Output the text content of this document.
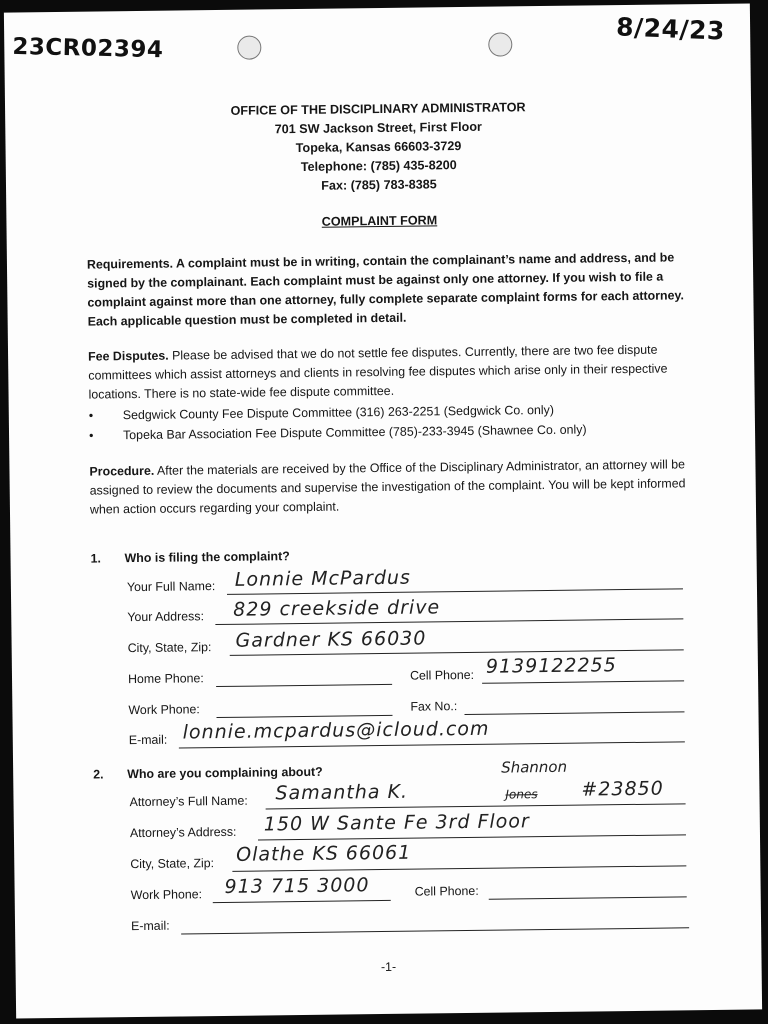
23CR02394
8/24/23
OFFICE OF THE DISCIPLINARY ADMINISTRATOR
701 SW Jackson Street, First Floor
Topeka, Kansas 66603-3729
Telephone: (785) 435-8200
Fax: (785) 783-8385
COMPLAINT FORM

Requirements. A complaint must be in writing, contain the complainant’s name and address, and be signed by the complainant. Each complaint must be against only one attorney. If you wish to file a complaint against more than one attorney, fully complete separate complaint forms for each attorney. Each applicable question must be completed in detail.

Fee Disputes. Please be advised that we do not settle fee disputes. Currently, there are two fee dispute committees which assist attorneys and clients in resolving fee disputes which arise only in their respective locations. There is no state-wide fee dispute committee.

• Sedgwick County Fee Dispute Committee (316) 263-2251 (Sedgwick Co. only)
• Topeka Bar Association Fee Dispute Committee (785)-233-3945 (Shawnee Co. only)

Procedure. After the materials are received by the Office of the Disciplinary Administrator, an attorney will be assigned to review the documents and supervise the investigation of the complaint. You will be kept informed when action occurs regarding your complaint.

1. Who is filing the complaint?
Your Full Name: Lonnie McPardus
Your Address: 829 creekside drive
City, State, Zip: Gardner KS 66030
Home Phone:	Cell Phone: 9139122255
Work Phone:	Fax No.:
E-mail: lonnie.mcpardus@icloud.com
2. Who are you complaining about?	Shannon
Attorney’s Full Name: Samantha K.	Jones #23850
Attorney’s Address: 150 W Sante Fe 3rd Floor
City, State, Zip: Olathe KS 66061
Work Phone: 913 715 3000	Cell Phone:
E-mail:
-1-
